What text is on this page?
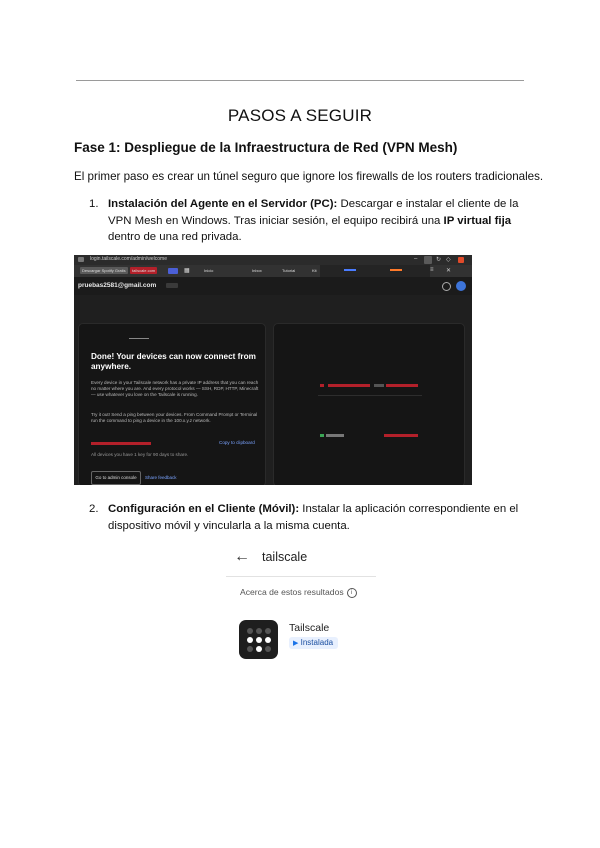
PASOS A SEGUIR
Fase 1: Despliegue de la Infraestructura de Red (VPN Mesh)
El primer paso es crear un túnel seguro que ignore los firewalls de los routers tradicionales.
1. Instalación del Agente en el Servidor (PC): Descargar e instalar el cliente de la VPN Mesh en Windows. Tras iniciar sesión, el equipo recibirá una IP virtual fija dentro de una red privada.
login.tailscale.com/admin/welcome	–	↻ ◇
Descargar Spotify Gratis	tailscale.com	▦	Inicio	Inbox	Tutorial	Kit	≡ ✕
pruebas2581@gmail.com
Done! Your devices can now connect from anywhere.
Every device in your Tailscale network has a private IP address that you can reach no matter where you are. And every protocol works — SSH, RDP, HTTP, Minecraft — use whatever you love on the Tailscale is running.
Try it out! Send a ping between your devices. From Command Prompt or Terminal run the command to ping a device in the 100.x.y.z network.
Copy to clipboard
All devices you have 1 key for 90 days to share.
Go to admin console	Share feedback
2. Configuración en el Cliente (Móvil): Instalar la aplicación correspondiente en el dispositivo móvil y vincularla a la misma cuenta.
← tailscale
Acerca de estos resultados i
Tailscale
▶ Instalada
